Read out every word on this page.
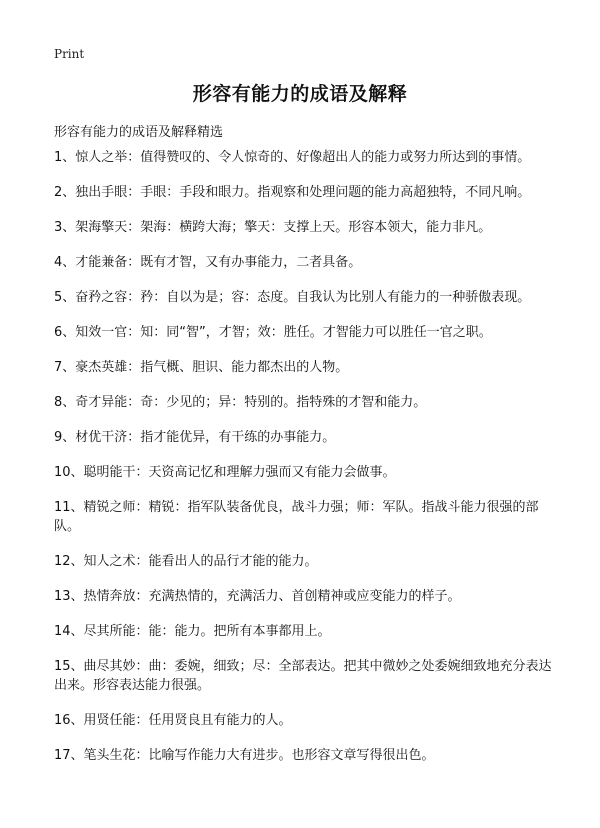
Print
形容有能力的成语及解释

形容有能力的成语及解释精选

1、惊人之举：值得赞叹的、令人惊奇的、好像超出人的能力或努力所达到的事情。
2、独出手眼：手眼：手段和眼力。指观察和处理问题的能力高超独特，不同凡响。
3、架海擎天：架海：横跨大海；擎天：支撑上天。形容本领大，能力非凡。
4、才能兼备：既有才智，又有办事能力，二者具备。
5、奋矜之容：矜：自以为是；容：态度。自我认为比别人有能力的一种骄傲表现。
6、知效一官：知：同“智”，才智；效：胜任。才智能力可以胜任一官之职。
7、豪杰英雄：指气概、胆识、能力都杰出的人物。
8、奇才异能：奇：少见的；异：特别的。指特殊的才智和能力。
9、材优干济：指才能优异，有干练的办事能力。
10、聪明能干：天资高记忆和理解力强而又有能力会做事。
11、精锐之师：精锐：指军队装备优良，战斗力强；师：军队。指战斗能力很强的部队。
12、知人之术：能看出人的品行才能的能力。
13、热情奔放：充满热情的，充满活力、首创精神或应变能力的样子。
14、尽其所能：能：能力。把所有本事都用上。
15、曲尽其妙：曲：委婉，细致；尽：全部表达。把其中微妙之处委婉细致地充分表达出来。形容表达能力很强。
16、用贤任能：任用贤良且有能力的人。
17、笔头生花：比喻写作能力大有进步。也形容文章写得很出色。
